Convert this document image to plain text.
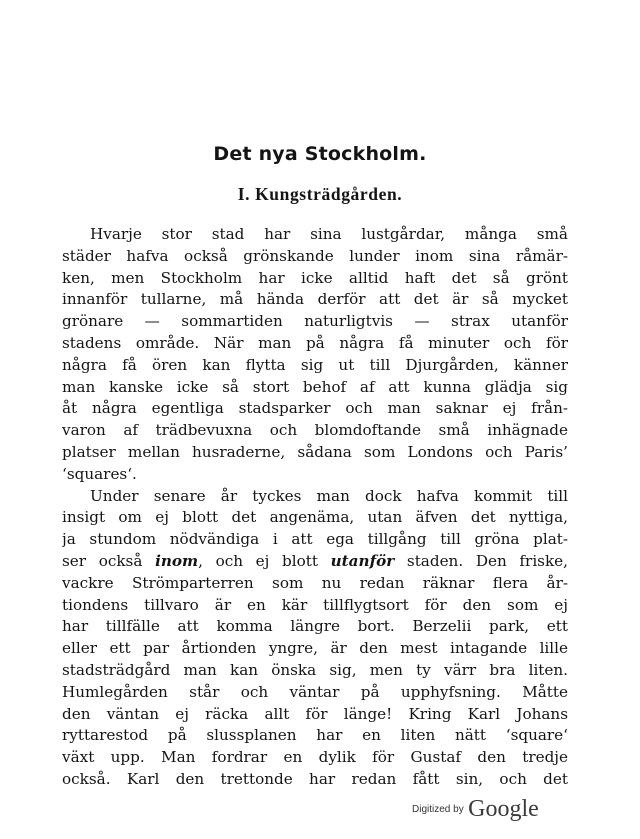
Det nya Stockholm.
I. Kungsträdgården.
Hvarje stor stad har sina lustgårdar, många små
städer hafva också grönskande lunder inom sina råmär-
ken, men Stockholm har icke alltid haft det så grönt
innanför tullarne, må hända derför att det är så mycket
grönare — sommartiden naturligtvis — strax utanför
stadens område. När man på några få minuter och för
några få ören kan flytta sig ut till Djurgården, känner
man kanske icke så stort behof af att kunna glädja sig
åt några egentliga stadsparker och man saknar ej från-
varon af trädbevuxna och blomdoftande små inhägnade
platser mellan husraderne, sådana som Londons och Paris’
‘squares‘.
Under senare år tyckes man dock hafva kommit till
insigt om ej blott det angenäma, utan äfven det nyttiga,
ja stundom nödvändiga i att ega tillgång till gröna plat-
ser också inom, och ej blott utanför staden. Den friske,
vackre Strömparterren som nu redan räknar flera år-
tiondens tillvaro är en kär tillflygtsort för den som ej
har tillfälle att komma längre bort. Berzelii park, ett
eller ett par årtionden yngre, är den mest intagande lille
stadsträdgård man kan önska sig, men ty värr bra liten.
Humlegården står och väntar på upphyfsning. Måtte
den väntan ej räcka allt för länge! Kring Karl Johans
ryttarestod på slussplanen har en liten nätt ‘square‘
växt upp. Man fordrar en dylik för Gustaf den tredje
också. Karl den trettonde har redan fått sin, och det
Digitized by Google
